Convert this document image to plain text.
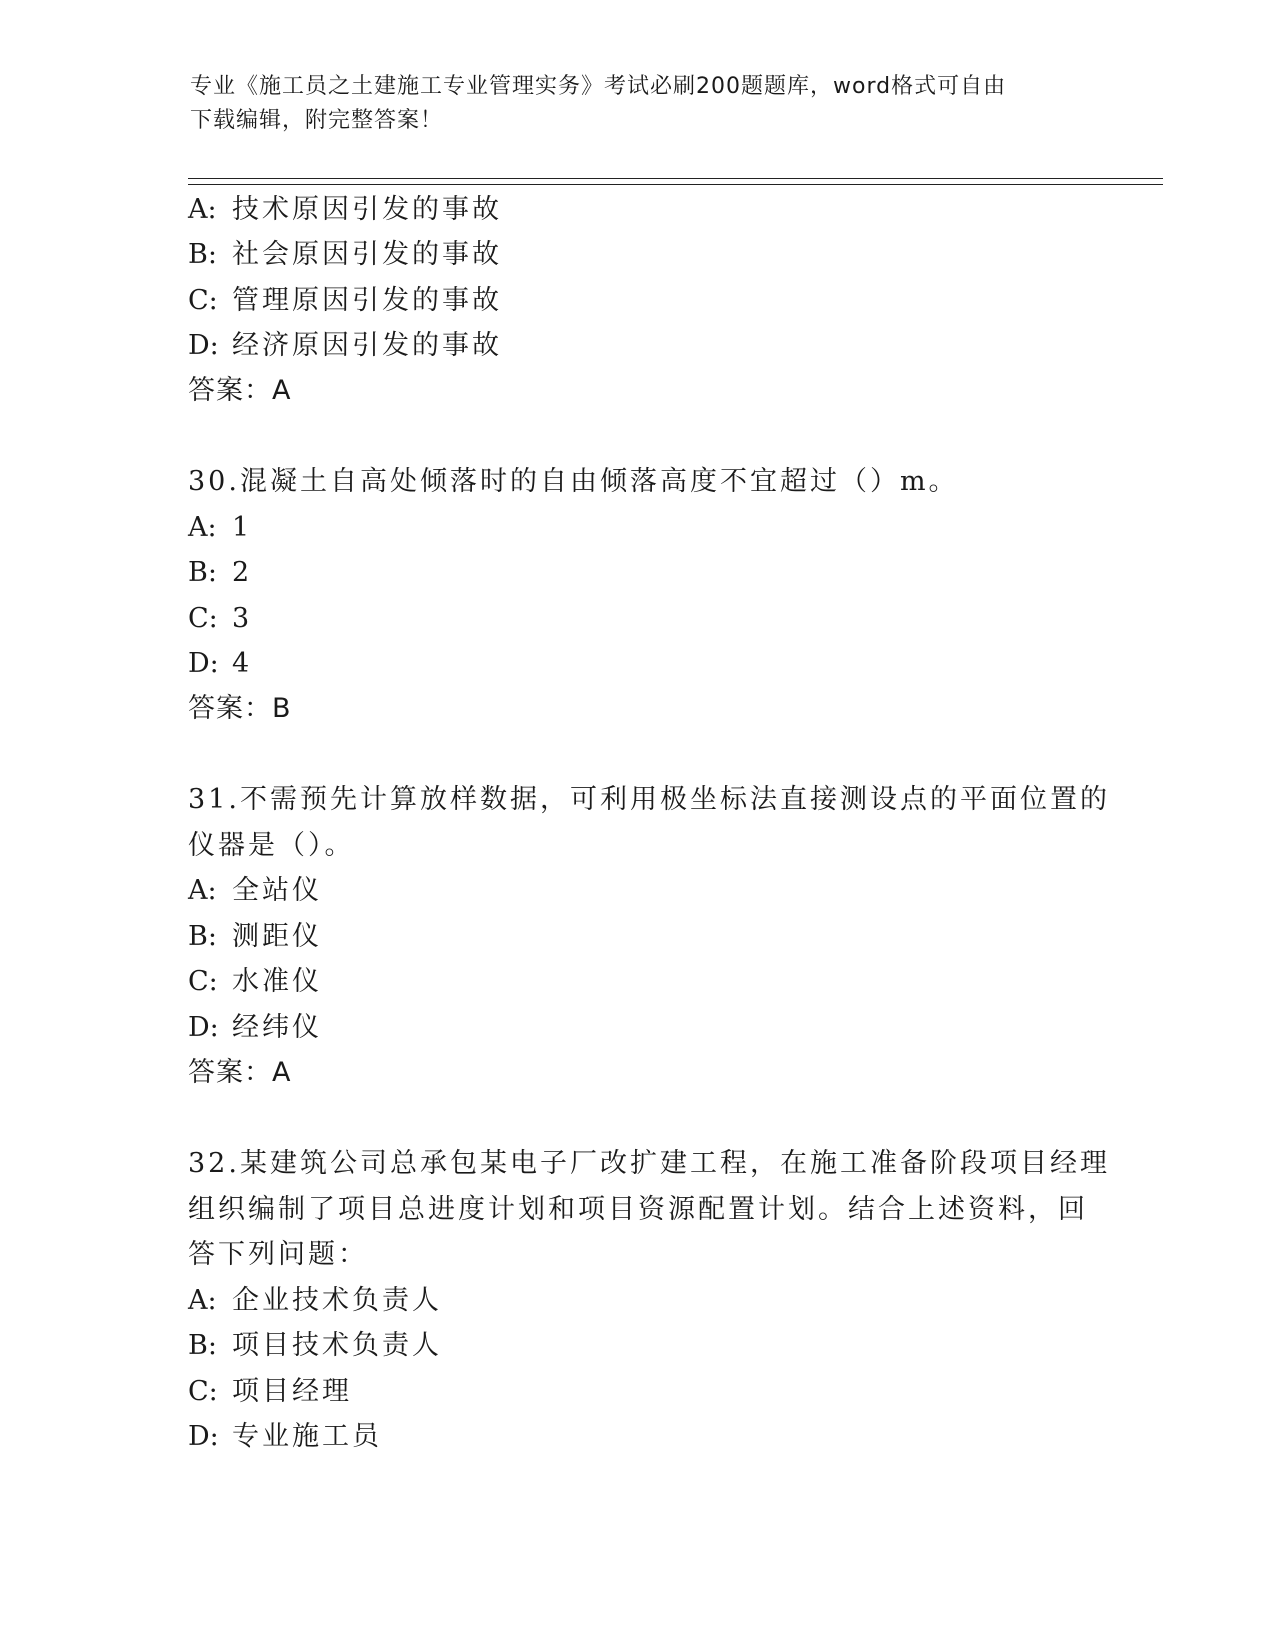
专业《施工员之土建施工专业管理实务》考试必刷200题题库，word格式可自由
下载编辑，附完整答案！
A: 技术原因引发的事故
B: 社会原因引发的事故
C: 管理原因引发的事故
D: 经济原因引发的事故
答案：A
30.混凝土自高处倾落时的自由倾落高度不宜超过（）m。
A: 1
B: 2
C: 3
D: 4
答案：B
31.不需预先计算放样数据，可利用极坐标法直接测设点的平面位置的
仪器是（）。
A: 全站仪
B: 测距仪
C: 水准仪
D: 经纬仪
答案：A
32.某建筑公司总承包某电子厂改扩建工程，在施工准备阶段项目经理
组织编制了项目总进度计划和项目资源配置计划。结合上述资料，回
答下列问题：
A: 企业技术负责人
B: 项目技术负责人
C: 项目经理
D: 专业施工员
